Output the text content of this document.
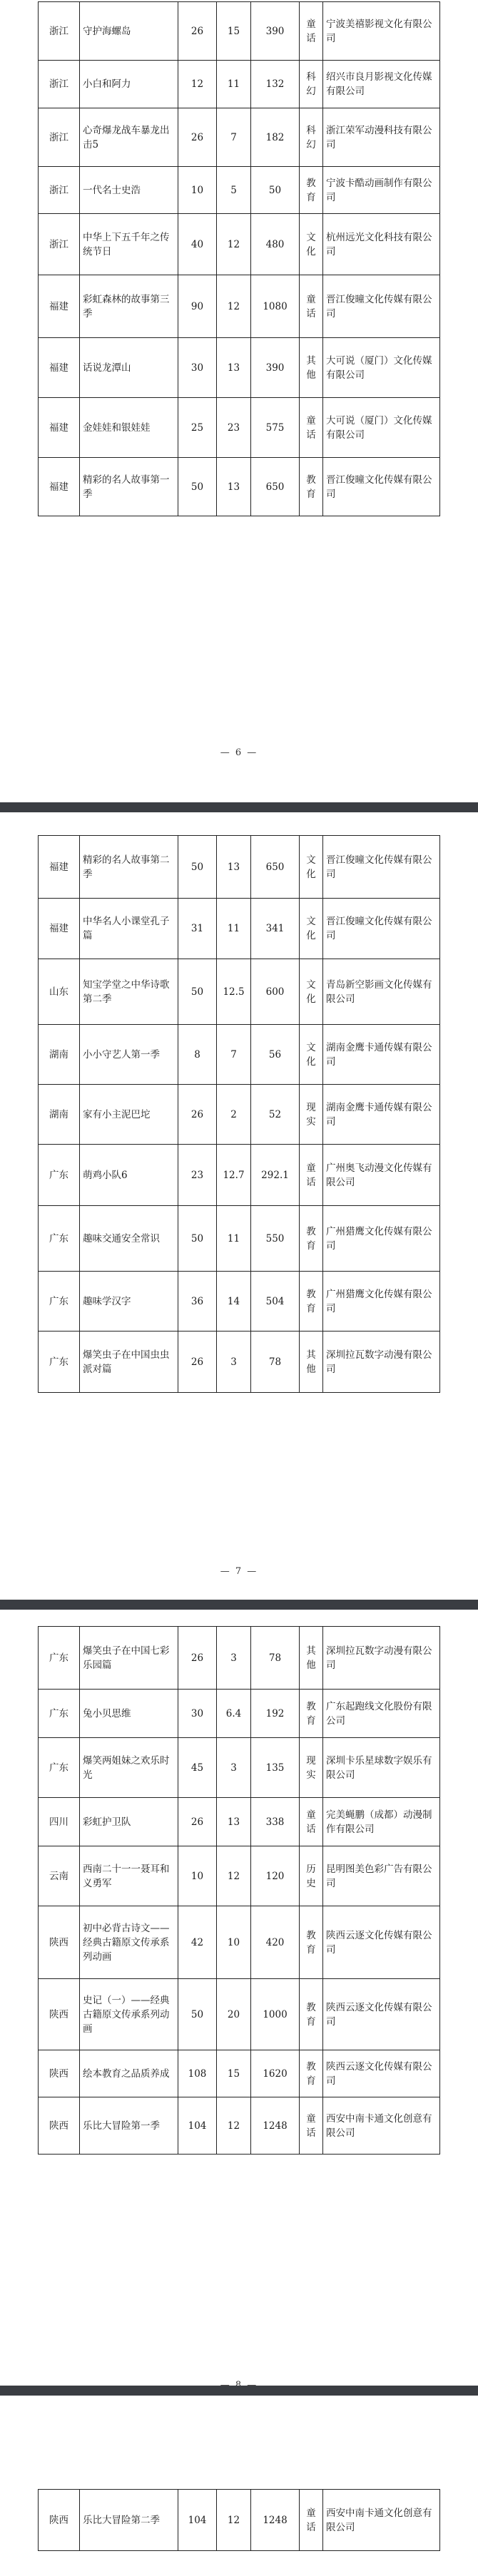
浙江	守护海螺岛	26	15	390	童话	宁波美禧影视文化有限公司
浙江	小白和阿力	12	11	132	科幻	绍兴市良月影视文化传媒有限公司
浙江	心奇爆龙战车暴龙出击5	26	7	182	科幻	浙江荣军动漫科技有限公司
浙江	一代名士史浩	10	5	50	教育	宁波卡酷动画制作有限公司
浙江	中华上下五千年之传统节日	40	12	480	文化	杭州远光文化科技有限公司
福建	彩虹森林的故事第三季	90	12	1080	童话	晋江俊曈文化传媒有限公司
福建	话说龙潭山	30	13	390	其他	大可说（厦门）文化传媒有限公司
福建	金娃娃和银娃娃	25	23	575	童话	大可说（厦门）文化传媒有限公司
福建	精彩的名人故事第一季	50	13	650	教育	晋江俊曈文化传媒有限公司
— 6 —
福建	精彩的名人故事第二季	50	13	650	文化	晋江俊曈文化传媒有限公司
福建	中华名人小课堂孔子篇	31	11	341	文化	晋江俊曈文化传媒有限公司
山东	知宝学堂之中华诗歌 第二季	50	12.5	600	文化	青岛新空影画文化传媒有限公司
湖南	小小守艺人第一季	8	7	56	文化	湖南金鹰卡通传媒有限公司
湖南	家有小主泥巴坨	26	2	52	现实	湖南金鹰卡通传媒有限公司
广东	萌鸡小队6	23	12.7	292.1	童话	广州奥飞动漫文化传媒有限公司
广东	趣味交通安全常识	50	11	550	教育	广州猎鹰文化传媒有限公司
广东	趣味学汉字	36	14	504	教育	广州猎鹰文化传媒有限公司
广东	爆笑虫子在中国虫虫派对篇	26	3	78	其他	深圳拉瓦数字动漫有限公司
— 7 —
广东	爆笑虫子在中国七彩乐园篇	26	3	78	其他	深圳拉瓦数字动漫有限公司
广东	兔小贝思维	30	6.4	192	教育	广东起跑线文化股份有限公司
广东	爆笑两姐妹之欢乐时光	45	3	135	现实	深圳卡乐星球数字娱乐有限公司
四川	彩虹护卫队	26	13	338	童话	完美蝇鹏（成都）动漫制作有限公司
云南	西南二十一一聂耳和义勇军	10	12	120	历史	昆明图美色彩广告有限公司
陕西	初中必背古诗文——经典古籍原文传承系列动画	42	10	420	教育	陕西云逐文化传媒有限公司
陕西	史记（一）——经典古籍原文传承系列动画	50	20	1000	教育	陕西云逐文化传媒有限公司
陕西	绘本教育之品质养成	108	15	1620	教育	陕西云逐文化传媒有限公司
陕西	乐比大冒险第一季	104	12	1248	童话	西安中南卡通文化创意有限公司
陕西	乐比大冒险第二季	104	12	1248	童话	西安中南卡通文化创意有限公司
